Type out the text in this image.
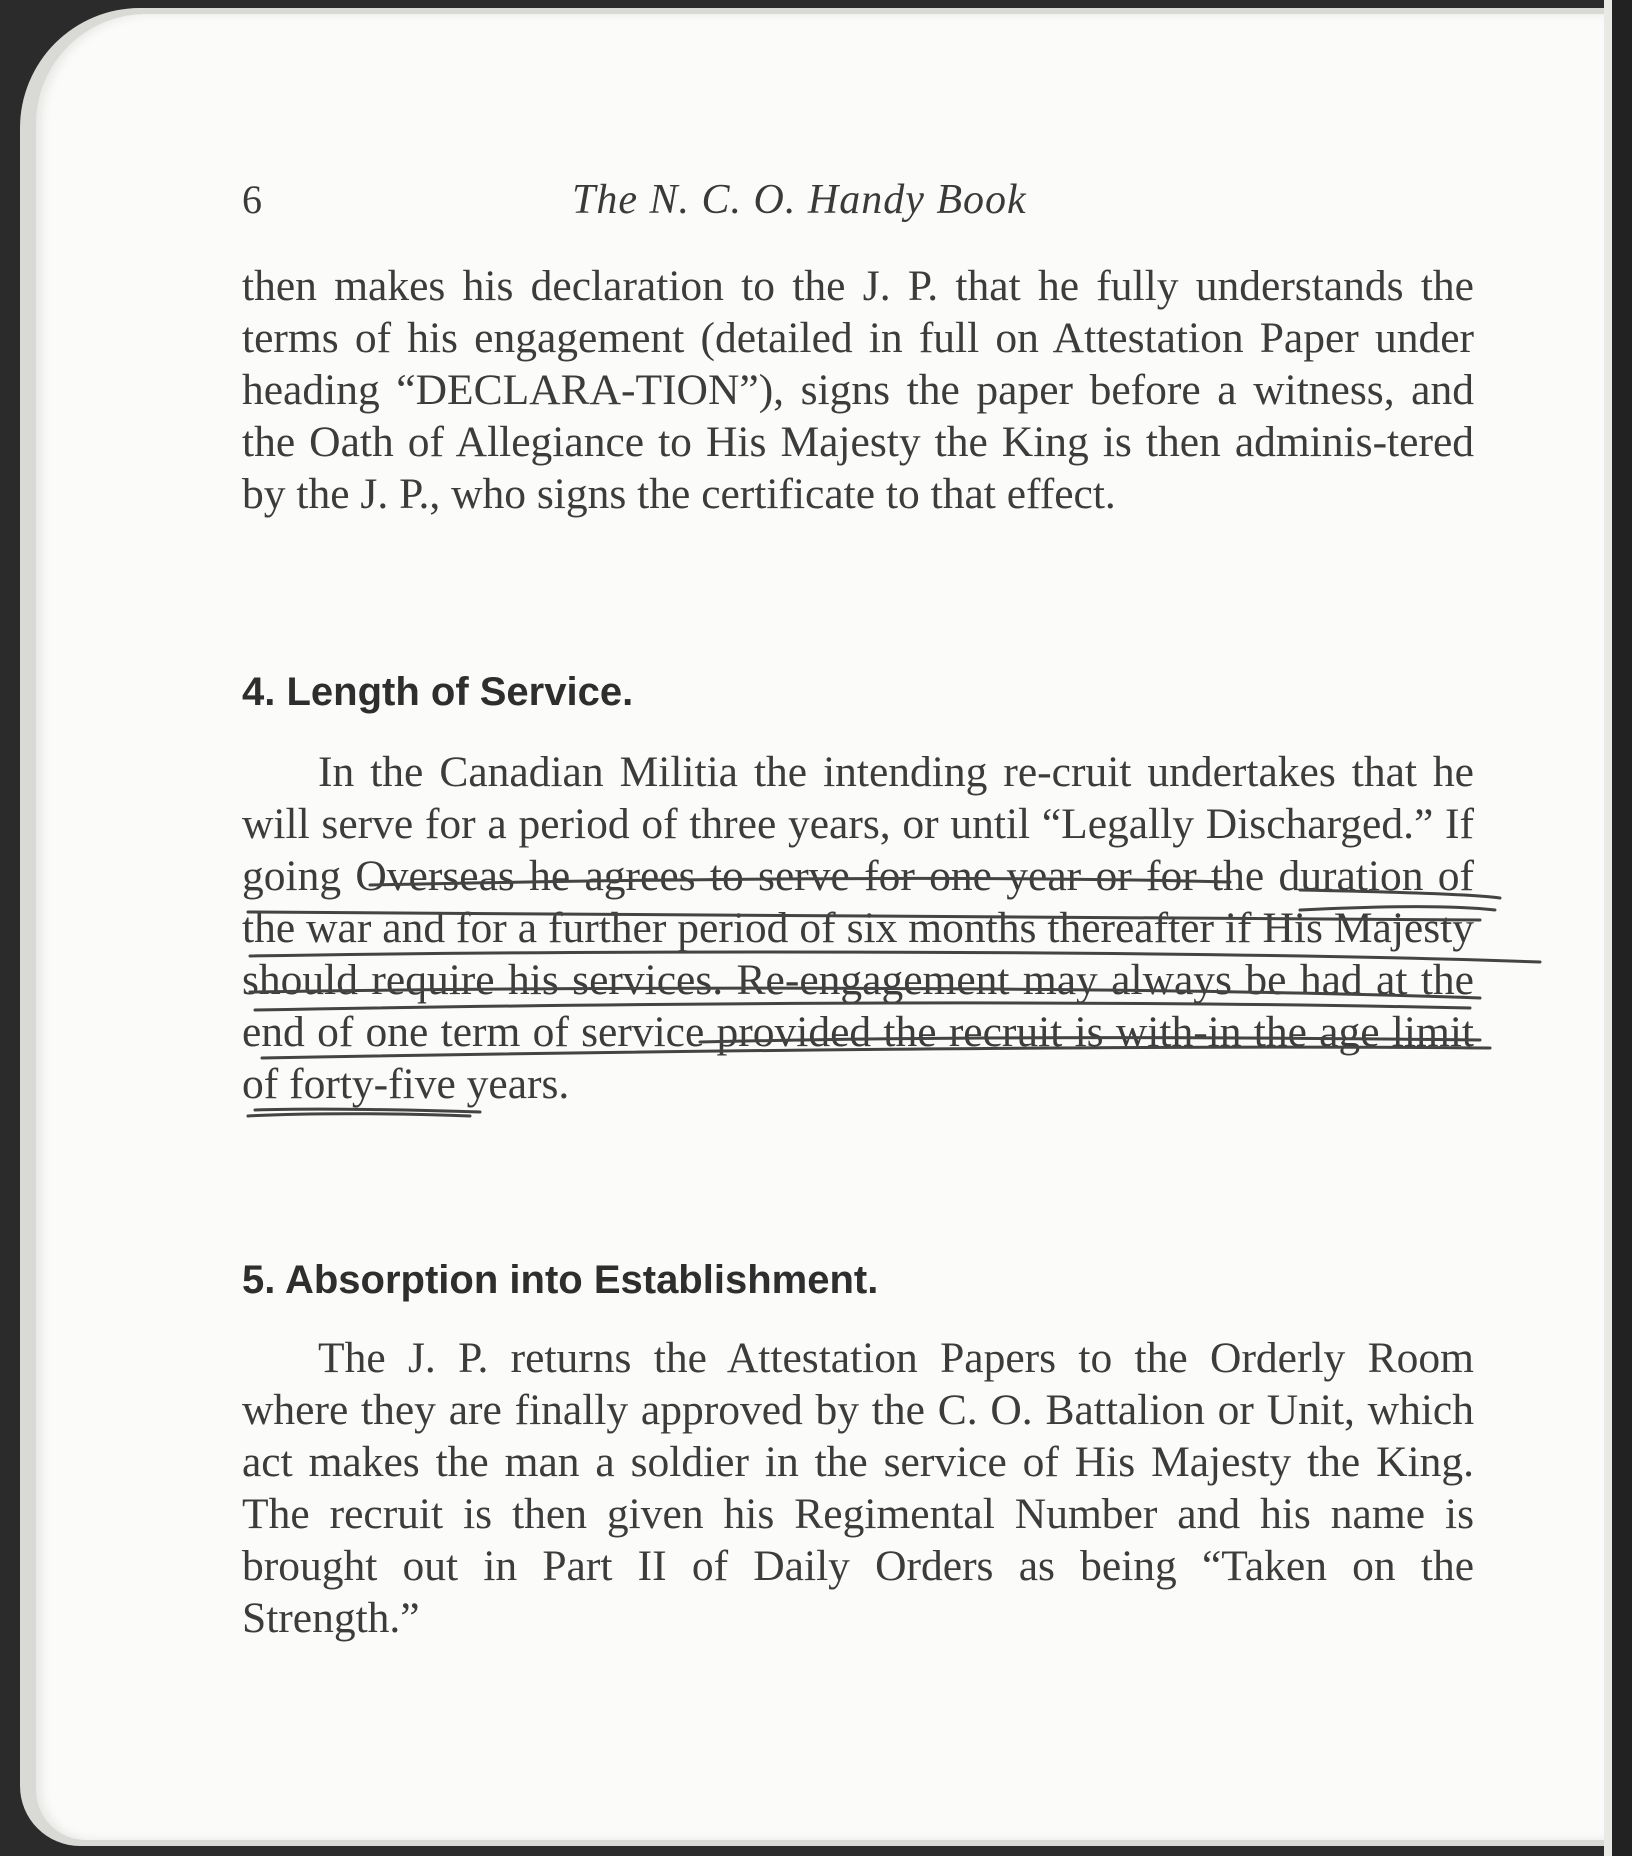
6	The N. C. O. Handy Book

then makes his declaration to the J. P. that he fully understands the terms of his engagement (detailed in full on Attestation Paper under heading “DECLARA-TION”), signs the paper before a witness, and the Oath of Allegiance to His Majesty the King is then adminis-tered by the J. P., who signs the certificate to that effect.

4. Length of Service.

In the Canadian Militia the intending re-cruit undertakes that he will serve for a period of three years, or until “Legally Discharged.” If going Overseas he agrees to serve for one year or for the duration of the war and for a further period of six months thereafter if His Majesty should require his services. Re-engagement may always be had at the end of one term of service provided the recruit is with-in the age limit of forty-five years.

5. Absorption into Establishment.

The J. P. returns the Attestation Papers to the Orderly Room where they are finally approved by the C. O. Battalion or Unit, which act makes the man a soldier in the service of His Majesty the King. The recruit is then given his Regimental Number and his name is brought out in Part II of Daily Orders as being “Taken on the Strength.”
